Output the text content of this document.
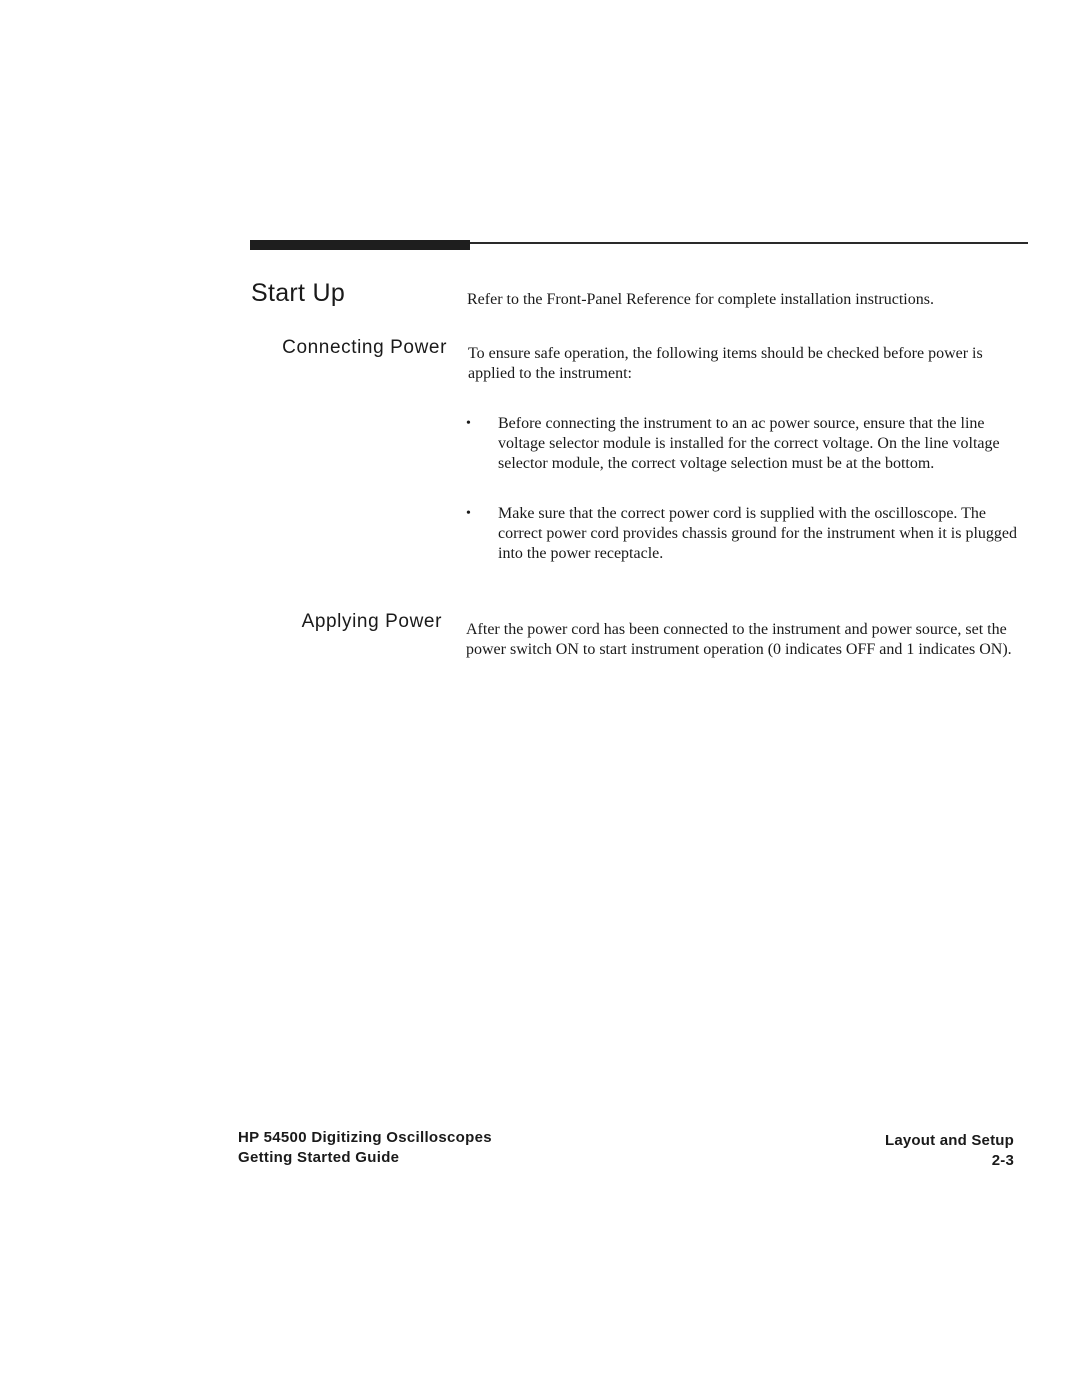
Start Up	Refer to the Front-Panel Reference for complete installation instructions.

Connecting Power To ensure safe operation, the following items should be checked before power is applied to the instrument:

• Before connecting the instrument to an ac power source, ensure that the line voltage selector module is installed for the correct voltage. On the line voltage selector module, the correct voltage selection must be at the bottom.
• Make sure that the correct power cord is supplied with the oscilloscope. The correct power cord provides chassis ground for the instrument when it is plugged into the power receptacle.
Applying Power After the power cord has been connected to the instrument and power source, set the power switch ON to start instrument operation (0 indicates OFF and 1 indicates ON).

HP 54500 Digitizing Oscilloscopes
Getting Started Guide
Layout and Setup
2-3
